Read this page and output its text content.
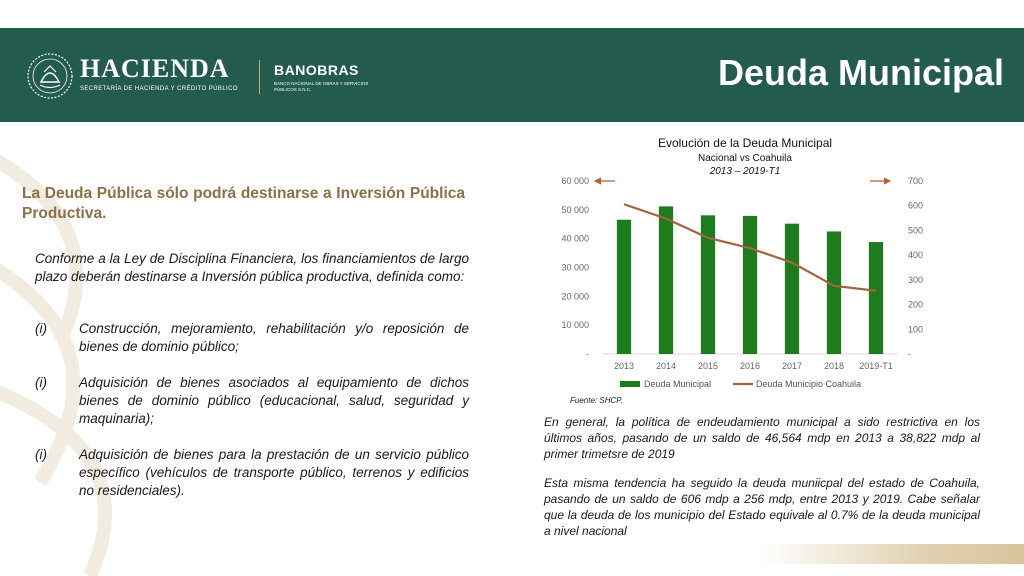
HACIENDA
SECRETARÍA DE HACIENDA Y CRÉDITO PÚBLICO
BANOBRAS
BANCO NACIONAL DE OBRAS Y SERVICIOS PÚBLICOS S.N.C.	Deuda Municipal
La Deuda Pública sólo podrá destinarse a Inversión Pública Productiva.
Conforme a la Ley de Disciplina Financiera, los financiamientos de largo plazo deberán destinarse a Inversión pública productiva, definida como:
(i) Construcción, mejoramiento, rehabilitación y/o reposición de bienes de dominio público;
(i) Adquisición de bienes asociados al equipamiento de dichos bienes de dominio público (educacional, salud, seguridad y maquinaria);
(i) Adquisición de bienes para la prestación de un servicio público específico (vehículos de transporte público, terrenos y edificios no residenciales).
Evolución de la Deuda Municipal
Nacional vs Coahuila
2013 – 2019-T1
-
10 000
20 000
30 000
40 000
50 000
60 000
-
100
200
300
400
500
600
700
2013 2014 2015 2016 2017 2018 2019-T1
Deuda Municipal	Deuda Municipio Coahuila
Fuente: SHCP.
En general, la política de endeudamiento municipal a sido restrictiva en los últimos años, pasando de un saldo de 46,564 mdp en 2013 a 38,822 mdp al primer trimetsre de 2019
Esta misma tendencia ha seguido la deuda muniicpal del estado de Coahuila, pasando de un saldo de 606 mdp a 256 mdp, entre 2013 y 2019. Cabe señalar que la deuda de los municipio del Estado equivale al 0.7% de la deuda municipal a nivel nacional
